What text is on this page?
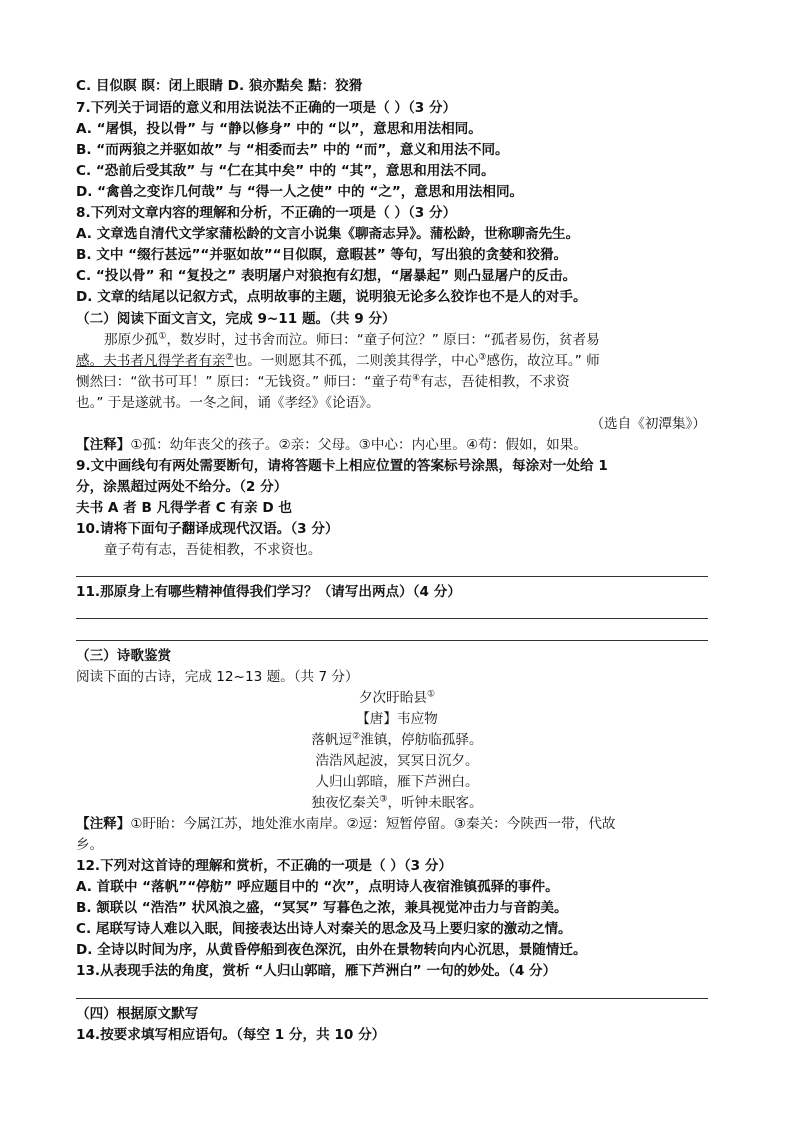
C. 目似瞑 瞑：闭上眼睛 D. 狼亦黠矣 黠：狡猾
7.下列关于词语的意义和用法说法不正确的一项是（ ）（3 分）
A. “屠惧，投以骨” 与 “静以修身” 中的 “以”，意思和用法相同。
B. “而两狼之并驱如故” 与 “相委而去” 中的 “而”，意义和用法不同。
C. “恐前后受其敌” 与 “仁在其中矣” 中的 “其”，意思和用法不同。
D. “禽兽之变诈几何哉” 与 “得一人之使” 中的 “之”，意思和用法相同。
8.下列对文章内容的理解和分析，不正确的一项是（ ）（3 分）
A. 文章选自清代文学家蒲松龄的文言小说集《聊斋志异》。蒲松龄，世称聊斋先生。
B. 文中 “缀行甚远”“并驱如故”“目似瞑，意暇甚” 等句，写出狼的贪婪和狡猾。
C. “投以骨” 和 “复投之” 表明屠户对狼抱有幻想，“屠暴起” 则凸显屠户的反击。
D. 文章的结尾以记叙方式，点明故事的主题，说明狼无论多么狡诈也不是人的对手。
（二）阅读下面文言文，完成 9~11 题。（共 9 分）
那原少孤①，数岁时，过书舍而泣。师曰：“童子何泣？” 原曰：“孤者易伤，贫者易
感。夫书者凡得学者有亲②也。一则愿其不孤，二则羡其得学，中心③感伤，故泣耳。” 师
恻然曰：“欲书可耳！” 原曰：“无钱资。” 师曰：“童子苟④有志，吾徒相教，不求资
也。” 于是遂就书。一冬之间，诵《孝经》《论语》。
（选自《初潭集》）
【注释】①孤：幼年丧父的孩子。②亲：父母。③中心：内心里。④苟：假如，如果。
9.文中画线句有两处需要断句，请将答题卡上相应位置的答案标号涂黑，每涂对一处给 1
分，涂黑超过两处不给分。（2 分）
夫书 A 者 B 凡得学者 C 有亲 D 也
10.请将下面句子翻译成现代汉语。（3 分）
童子苟有志，吾徒相教，不求资也。
11.那原身上有哪些精神值得我们学习？（请写出两点）（4 分）
（三）诗歌鉴赏
阅读下面的古诗，完成 12~13 题。（共 7 分）
夕次盱眙县①
【唐】韦应物
落帆逗②淮镇，停舫临孤驿。
浩浩风起波，冥冥日沉夕。
人归山郭暗，雁下芦洲白。
独夜忆秦关③，听钟未眠客。
【注释】①盱眙：今属江苏，地处淮水南岸。②逗：短暂停留。③秦关：今陕西一带，代故
乡。
12.下列对这首诗的理解和赏析，不正确的一项是（ ）（3 分）
A. 首联中 “落帆”“停舫” 呼应题目中的 “次”，点明诗人夜宿淮镇孤驿的事件。
B. 颔联以 “浩浩” 状风浪之盛，“冥冥” 写暮色之浓，兼具视觉冲击力与音韵美。
C. 尾联写诗人难以入眠，间接表达出诗人对秦关的思念及马上要归家的激动之情。
D. 全诗以时间为序，从黄昏停船到夜色深沉，由外在景物转向内心沉思，景随情迁。
13.从表现手法的角度，赏析 “人归山郭暗，雁下芦洲白” 一句的妙处。（4 分）
（四）根据原文默写
14.按要求填写相应语句。（每空 1 分，共 10 分）
